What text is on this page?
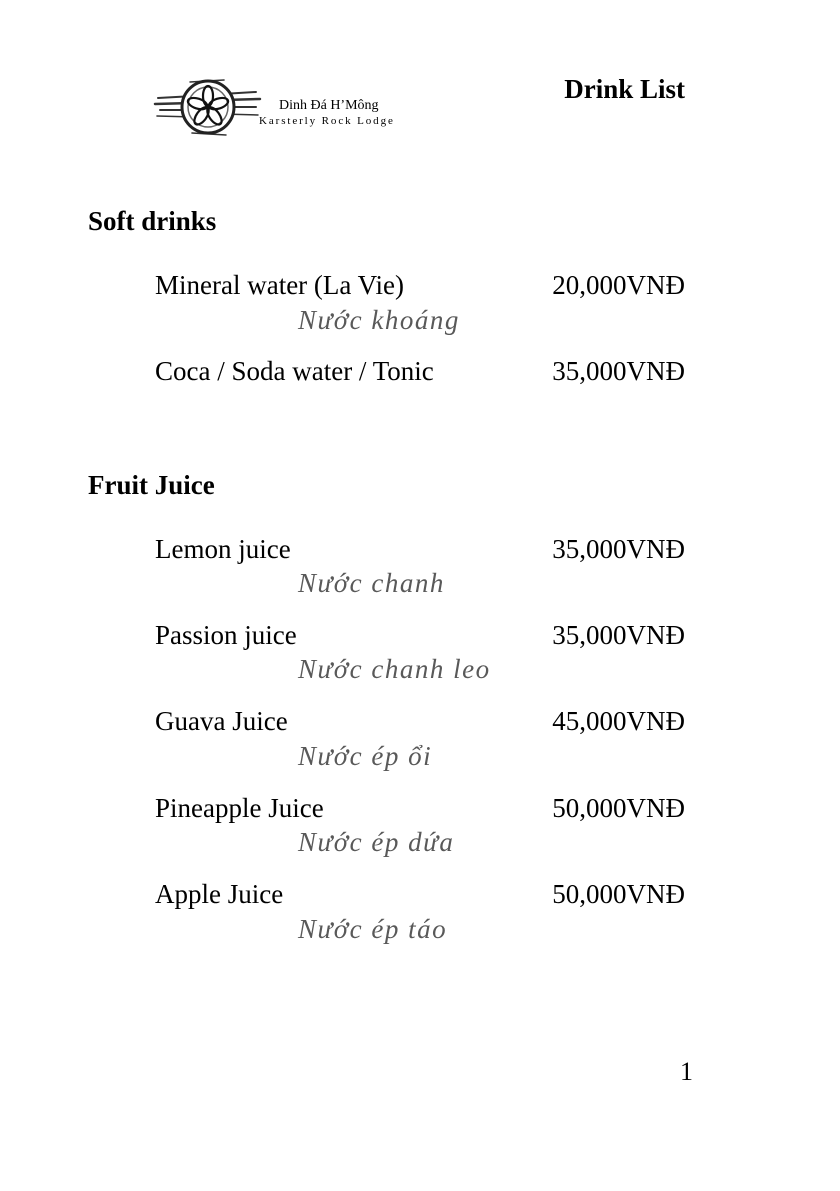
Dinh Đá H’Mông
Karsterly Rock Lodge
Drink List
Soft drinks
Mineral water (La Vie)	20,000VNĐ
Nước khoáng
Coca / Soda water / Tonic	35,000VNĐ
Fruit Juice
Lemon juice	35,000VNĐ
Nước chanh
Passion juice	35,000VNĐ
Nước chanh leo
Guava Juice	45,000VNĐ
Nước ép ổi
Pineapple Juice	50,000VNĐ
Nước ép dứa
Apple Juice	50,000VNĐ
Nước ép táo
1
